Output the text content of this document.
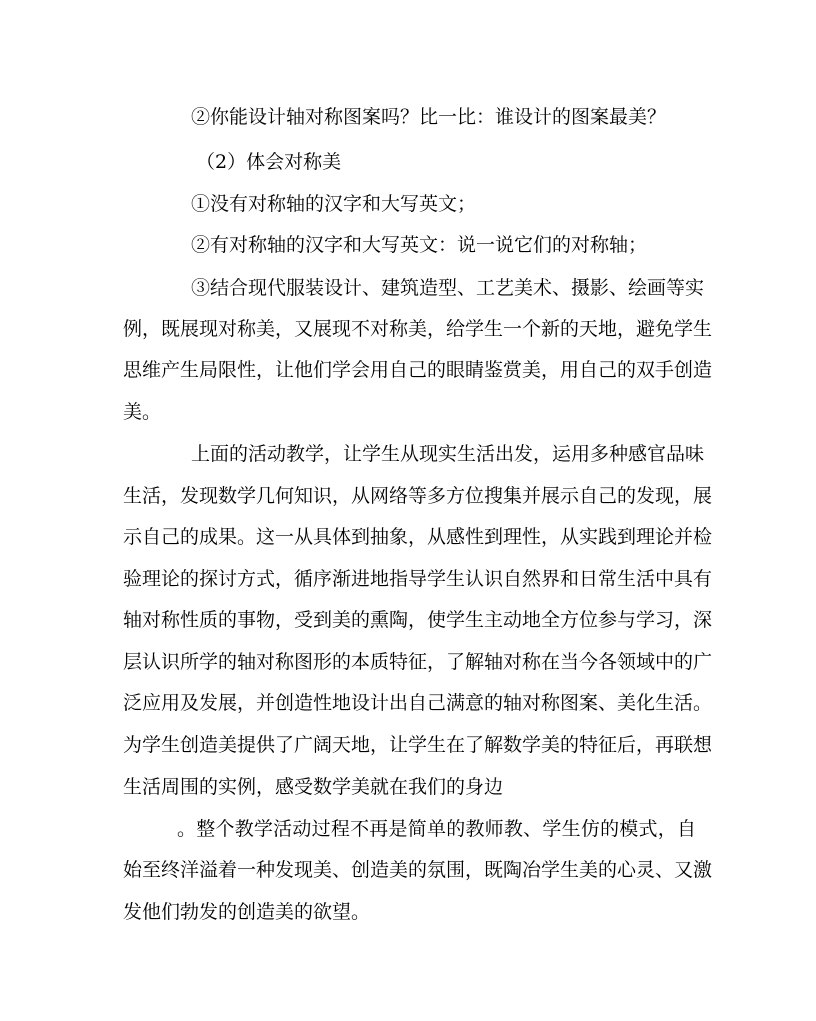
②你能设计轴对称图案吗？比一比：谁设计的图案最美？
（2）体会对称美
①没有对称轴的汉字和大写英文；
②有对称轴的汉字和大写英文：说一说它们的对称轴；
③结合现代服装设计、建筑造型、工艺美术、摄影、绘画等实
例，既展现对称美，又展现不对称美，给学生一个新的天地，避免学生
思维产生局限性，让他们学会用自己的眼睛鉴赏美，用自己的双手创造
美。
上面的活动教学，让学生从现实生活出发，运用多种感官品味
生活，发现数学几何知识，从网络等多方位搜集并展示自己的发现，展
示自己的成果。这一从具体到抽象，从感性到理性，从实践到理论并检
验理论的探讨方式，循序渐进地指导学生认识自然界和日常生活中具有
轴对称性质的事物，受到美的熏陶，使学生主动地全方位参与学习，深
层认识所学的轴对称图形的本质特征，了解轴对称在当今各领域中的广
泛应用及发展，并创造性地设计出自己满意的轴对称图案、美化生活。
为学生创造美提供了广阔天地，让学生在了解数学美的特征后，再联想
生活周围的实例，感受数学美就在我们的身边
。整个教学活动过程不再是简单的教师教、学生仿的模式，自
始至终洋溢着一种发现美、创造美的氛围，既陶冶学生美的心灵、又激
发他们勃发的创造美的欲望。
